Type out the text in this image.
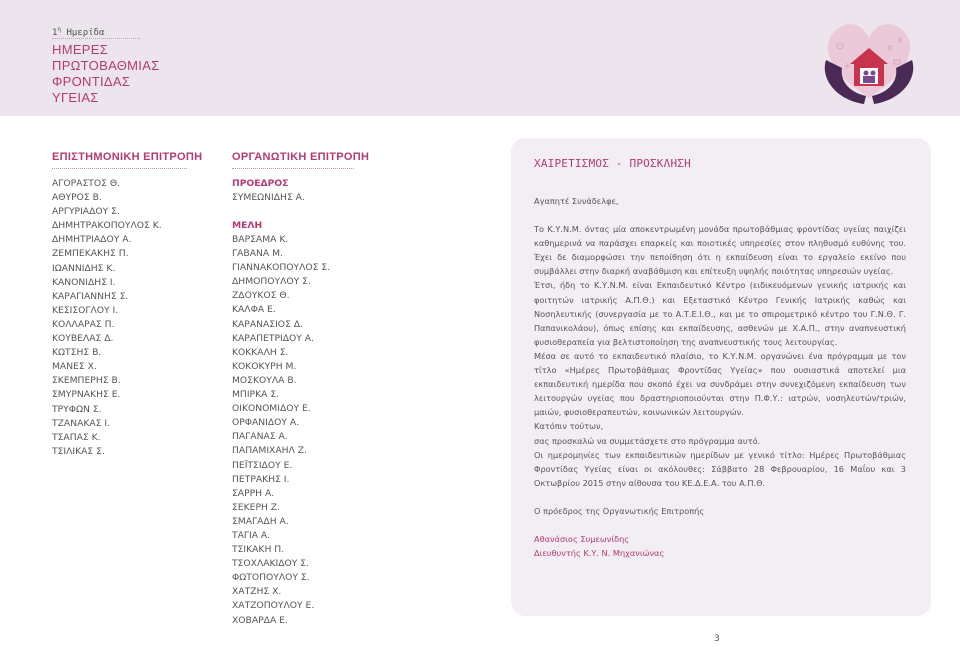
$1^\eta$ Ημερίδα
ΗΜΕΡΕΣ
ΠΡΩΤΟΒΑΘΜΙΑΣ
ΦΡΟΝΤΙΔΑΣ
ΥΓΕΙΑΣ
ΕΠΙΣΤΗΜΟΝΙΚΗ ΕΠΙΤΡΟΠΗ
ΑΓΟΡΑΣΤΟΣ Θ.
ΑΘΥΡΟΣ Β.
ΑΡΓΥΡΙΑΔΟΥ Σ.
ΔΗΜΗΤΡΑΚΟΠΟΥΛΟΣ Κ.
ΔΗΜΗΤΡΙΑΔΟΥ Α.
ΖΕΜΠΕΚΑΚΗΣ Π.
ΙΩΑΝΝΙΔΗΣ Κ.
ΚΑΝΟΝΙΔΗΣ Ι.
ΚΑΡΑΓΙΑΝΝΗΣ Σ.
ΚΕΣΙΣΟΓΛΟΥ Ι.
ΚΟΛΛΑΡΑΣ Π.
ΚΟΥΒΕΛΑΣ Δ.
ΚΩΤΣΗΣ Β.
ΜΑΝΕΣ Χ.
ΣΚΕΜΠΕΡΗΣ Β.
ΣΜΥΡΝΑΚΗΣ Ε.
ΤΡΥΦΩΝ Σ.
ΤΖΑΝΑΚΑΣ Ι.
ΤΣΑΠΑΣ Κ.
ΤΣΙΛΙΚΑΣ Σ.
ΟΡΓΑΝΩΤΙΚΗ ΕΠΙΤΡΟΠΗ
ΠΡΟΕΔΡΟΣ
ΣΥΜΕΩΝΙΔΗΣ Α.
ΜΕΛΗ
ΒΑΡΣΑΜΑ Κ.
ΓΑΒΑΝΑ Μ.
ΓΙΑΝΝΑΚΟΠΟΥΛΟΣ Σ.
ΔΗΜΟΠΟΥΛΟΥ Σ.
ΖΔΟΥΚΟΣ Θ.
ΚΑΛΦΑ Ε.
ΚΑΡΑΝΑΣΙΟΣ Δ.
ΚΑΡΑΠΕΤΡΙΔΟΥ Α.
ΚΟΚΚΑΛΗ Σ.
ΚΟΚΟΚΥΡΗ Μ.
ΜΟΣΚΟΥΛΑ Β.
ΜΠΙΡΚΑ Σ.
ΟΙΚΟΝΟΜΙΔΟΥ Ε.
ΟΡΦΑΝΙΔΟΥ Α.
ΠΑΓΑΝΑΣ Α.
ΠΑΠΑΜΙΧΑΗΛ Ζ.
ΠΕΪΤΣΙΔΟΥ Ε.
ΠΕΤΡΑΚΗΣ Ι.
ΣΑΡΡΗ Α.
ΣΕΚΕΡΗ Ζ.
ΣΜΑΓΑΔΗ Α.
ΤΑΓΙΑ Α.
ΤΣΙΚΑΚΗ Π.
ΤΣΟΧΛΑΚΙΔΟΥ Σ.
ΦΩΤΟΠΟΥΛΟΥ Σ.
ΧΑΤΖΗΣ Χ.
ΧΑΤΖΟΠΟΥΛΟΥ Ε.
ΧΟΒΑΡΔΑ Ε.
ΧΑΙΡΕΤΙΣΜΟΣ - ΠΡΟΣΚΛΗΣΗ

Αγαπητέ Συνάδελφε,

Το Κ.Υ.Ν.Μ. όντας μία αποκεντρωμένη μονάδα πρωτοβάθμιας φροντίδας υγείας παιχίζει καθημερινά να παράσχει επαρκείς και ποιοτικές υπηρεσίες στον πληθυσμό ευθύνης του. Έχει δε διαμορφώσει την πεποίθηση ότι η εκπαίδευση είναι το εργαλείο εκείνο που συμβάλλει στην διαρκή αναβάθμιση και επίτευξη υψηλής ποιότητας υπηρεσιών υγείας.

Έτσι, ήδη το Κ.Υ.Ν.Μ. είναι Εκπαιδευτικό Κέντρο (ειδικευόμενων γενικής ιατρικής και φοιτητών ιατρικής Α.Π.Θ.) και Εξεταστικό Κέντρο Γενικής Ιατρικής καθώς και Νοσηλευτικής (συνεργασία με το Α.Τ.Ε.Ι.Θ., και με το σπιρομετρικό κέντρο του Γ.Ν.Θ. Γ. Παπανικολάου), όπως επίσης και εκπαίδευσης, ασθενών με Χ.Α.Π., στην αναπνευστική φυσιοθεραπεία για βελτιστοποίηση της αναπνευστικής τους λειτουργίας.

Μέσα σε αυτό το εκπαιδευτικό πλαίσιο, το Κ.Υ.Ν.Μ. οργανώνει ένα πρόγραμμα με τον τίτλο «Ημέρες Πρωτοβάθμιας Φροντίδας Υγείας» που ουσιαστικά αποτελεί μια εκπαιδευτική ημερίδα που σκοπό έχει να συνδράμει στην συνεχιζόμενη εκπαίδευση των λειτουργών υγείας που δραστηριοποιούνται στην Π.Φ.Υ.: ιατρών, νοσηλευτών/τριών, μαιών, φυσιοθεραπευτών, κοινωνικών λειτουργών.

Κατόπιν τούτων,

σας προσκαλώ να συμμετάσχετε στο πρόγραμμα αυτό.

Οι ημερομηνίες των εκπαιδευτικών ημερίδων με γενικό τίτλο: Ημέρες Πρωτοβάθμιας Φροντίδας Υγείας είναι οι ακόλουθες: Σάββατο 28 Φεβρουαρίου, 16 Μαΐου και 3 Οκτωβρίου 2015 στην αίθουσα του ΚΕ.Δ.Ε.Α. του Α.Π.Θ.

Ο πρόεδρος της Οργανωτικής Επιτροπής

Αθανάσιος Συμεωνίδης

Διευθυντής Κ.Υ. Ν. Μηχανιώνας

3
